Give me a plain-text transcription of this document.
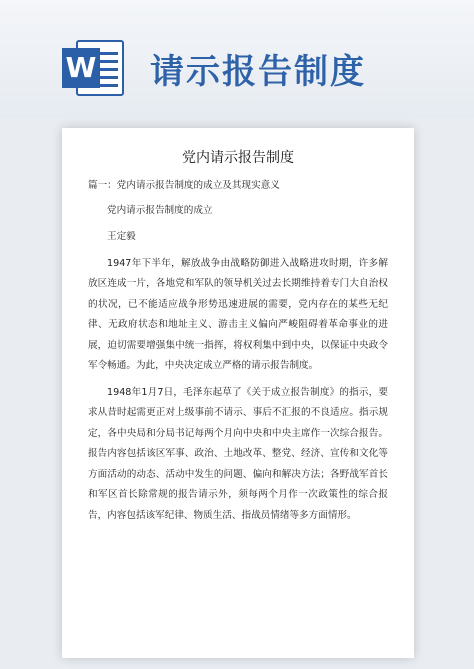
W 请示报告制度
党内请示报告制度

篇一：党内请示报告制度的成立及其现实意义

党内请示报告制度的成立

王定毅

1947年下半年，解放战争由战略防御进入战略进攻时期，许多解放区连成一片，各地党和军队的领导机关过去长期维持着专门大自治权的状况，已不能适应战争形势迅速进展的需要，党内存在的某些无纪律、无政府状态和地址主义、游击主义偏向严峻阻碍着革命事业的进展，迫切需要增强集中统一指挥，将权利集中到中央，以保证中央政令军令畅通。为此，中央决定成立严格的请示报告制度。

1948年1月7日，毛泽东起草了《关于成立报告制度》的指示，要求从昔时起需更正对上级事前不请示、事后不汇报的不良适应。指示规定，各中央局和分局书记每两个月向中央和中央主席作一次综合报告。报告内容包括该区军事、政治、土地改革、整党、经济、宣传和文化等方面活动的动态、活动中发生的问题、偏向和解决方法；各野战军首长和军区首长除常规的报告请示外，须每两个月作一次政策性的综合报告，内容包括该军纪律、物质生活、指战员情绪等多方面情形。
